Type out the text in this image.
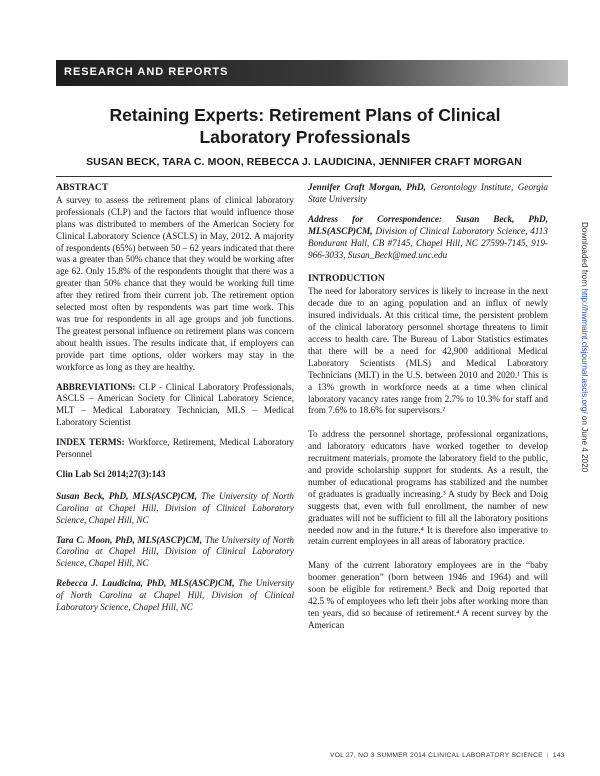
RESEARCH AND REPORTS
Retaining Experts: Retirement Plans of Clinical Laboratory Professionals
SUSAN BECK, TARA C. MOON, REBECCA J. LAUDICINA, JENNIFER CRAFT MORGAN
ABSTRACT

A survey to assess the retirement plans of clinical laboratory professionals (CLP) and the factors that would influence those plans was distributed to members of the American Society for Clinical Laboratory Science (ASCLS) in May, 2012. A majority of respondents (65%) between 50 – 62 years indicated that there was a greater than 50% chance that they would be working after age 62. Only 15.8% of the respondents thought that there was a greater than 50% chance that they would be working full time after they retired from their current job. The retirement option selected most often by respondents was part time work. This was true for respondents in all age groups and job functions. The greatest personal influence on retirement plans was concern about health issues. The results indicate that, if employers can provide part time options, older workers may stay in the workforce as long as they are healthy.

ABBREVIATIONS: CLP - Clinical Laboratory Professionals, ASCLS – American Society for Clinical Laboratory Science, MLT – Medical Laboratory Technician, MLS – Medical Laboratory Scientist

INDEX TERMS: Workforce, Retirement, Medical Laboratory Personnel

Clin Lab Sci 2014;27(3):143

Susan Beck, PhD, MLS(ASCP)CM, The University of North Carolina at Chapel Hill, Division of Clinical Laboratory Science, Chapel Hill, NC

Tara C. Moon, PhD, MLS(ASCP)CM, The University of North Carolina at Chapel Hill, Division of Clinical Laboratory Science, Chapel Hill, NC

Rebecca J. Laudicina, PhD, MLS(ASCP)CM, The University of North Carolina at Chapel Hill, Division of Clinical Laboratory Science, Chapel Hill, NC

Jennifer Craft Morgan, PhD, Gerontology Institute, Georgia State University

Address for Correspondence: Susan Beck, PhD, MLS(ASCP)CM, Division of Clinical Laboratory Science, 4113 Bondurant Hall, CB #7145, Chapel Hill, NC 27599-7145, 919-966-3033, Susan_Beck@med.unc.edu

INTRODUCTION

The need for laboratory services is likely to increase in the next decade due to an aging population and an influx of newly insured individuals. At this critical time, the persistent problem of the clinical laboratory personnel shortage threatens to limit access to health care. The Bureau of Labor Statistics estimates that there will be a need for 42,900 additional Medical Laboratory Scientists (MLS) and Medical Laboratory Technicians (MLT) in the U.S. between 2010 and 2020.¹ This is a 13% growth in workforce needs at a time when clinical laboratory vacancy rates range from 2.7% to 10.3% for staff and from 7.6% to 18.6% for supervisors.²

To address the personnel shortage, professional organizations, and laboratory educators have worked together to develop recruitment materials, promote the laboratory field to the public, and provide scholarship support for students. As a result, the number of educational programs has stabilized and the number of graduates is gradually increasing.³ A study by Beck and Doig suggests that, even with full enrollment, the number of new graduates will not be sufficient to fill all the laboratory positions needed now and in the future.⁴ It is therefore also imperative to retain current employees in all areas of laboratory practice.

Many of the current laboratory employees are in the “baby boomer generation” (born between 1946 and 1964) and will soon be eligible for retirement.⁵ Beck and Doig reported that 42.5 % of employees who left their jobs after working more than ten years, did so because of retirement.⁴ A recent survey by the American

VOL 27, NO 3 SUMMER 2014 CLINICAL LABORATORY SCIENCE | 143
Downloaded from http://hwmaint.clsjournal.ascls.org/ on June 4 2020
